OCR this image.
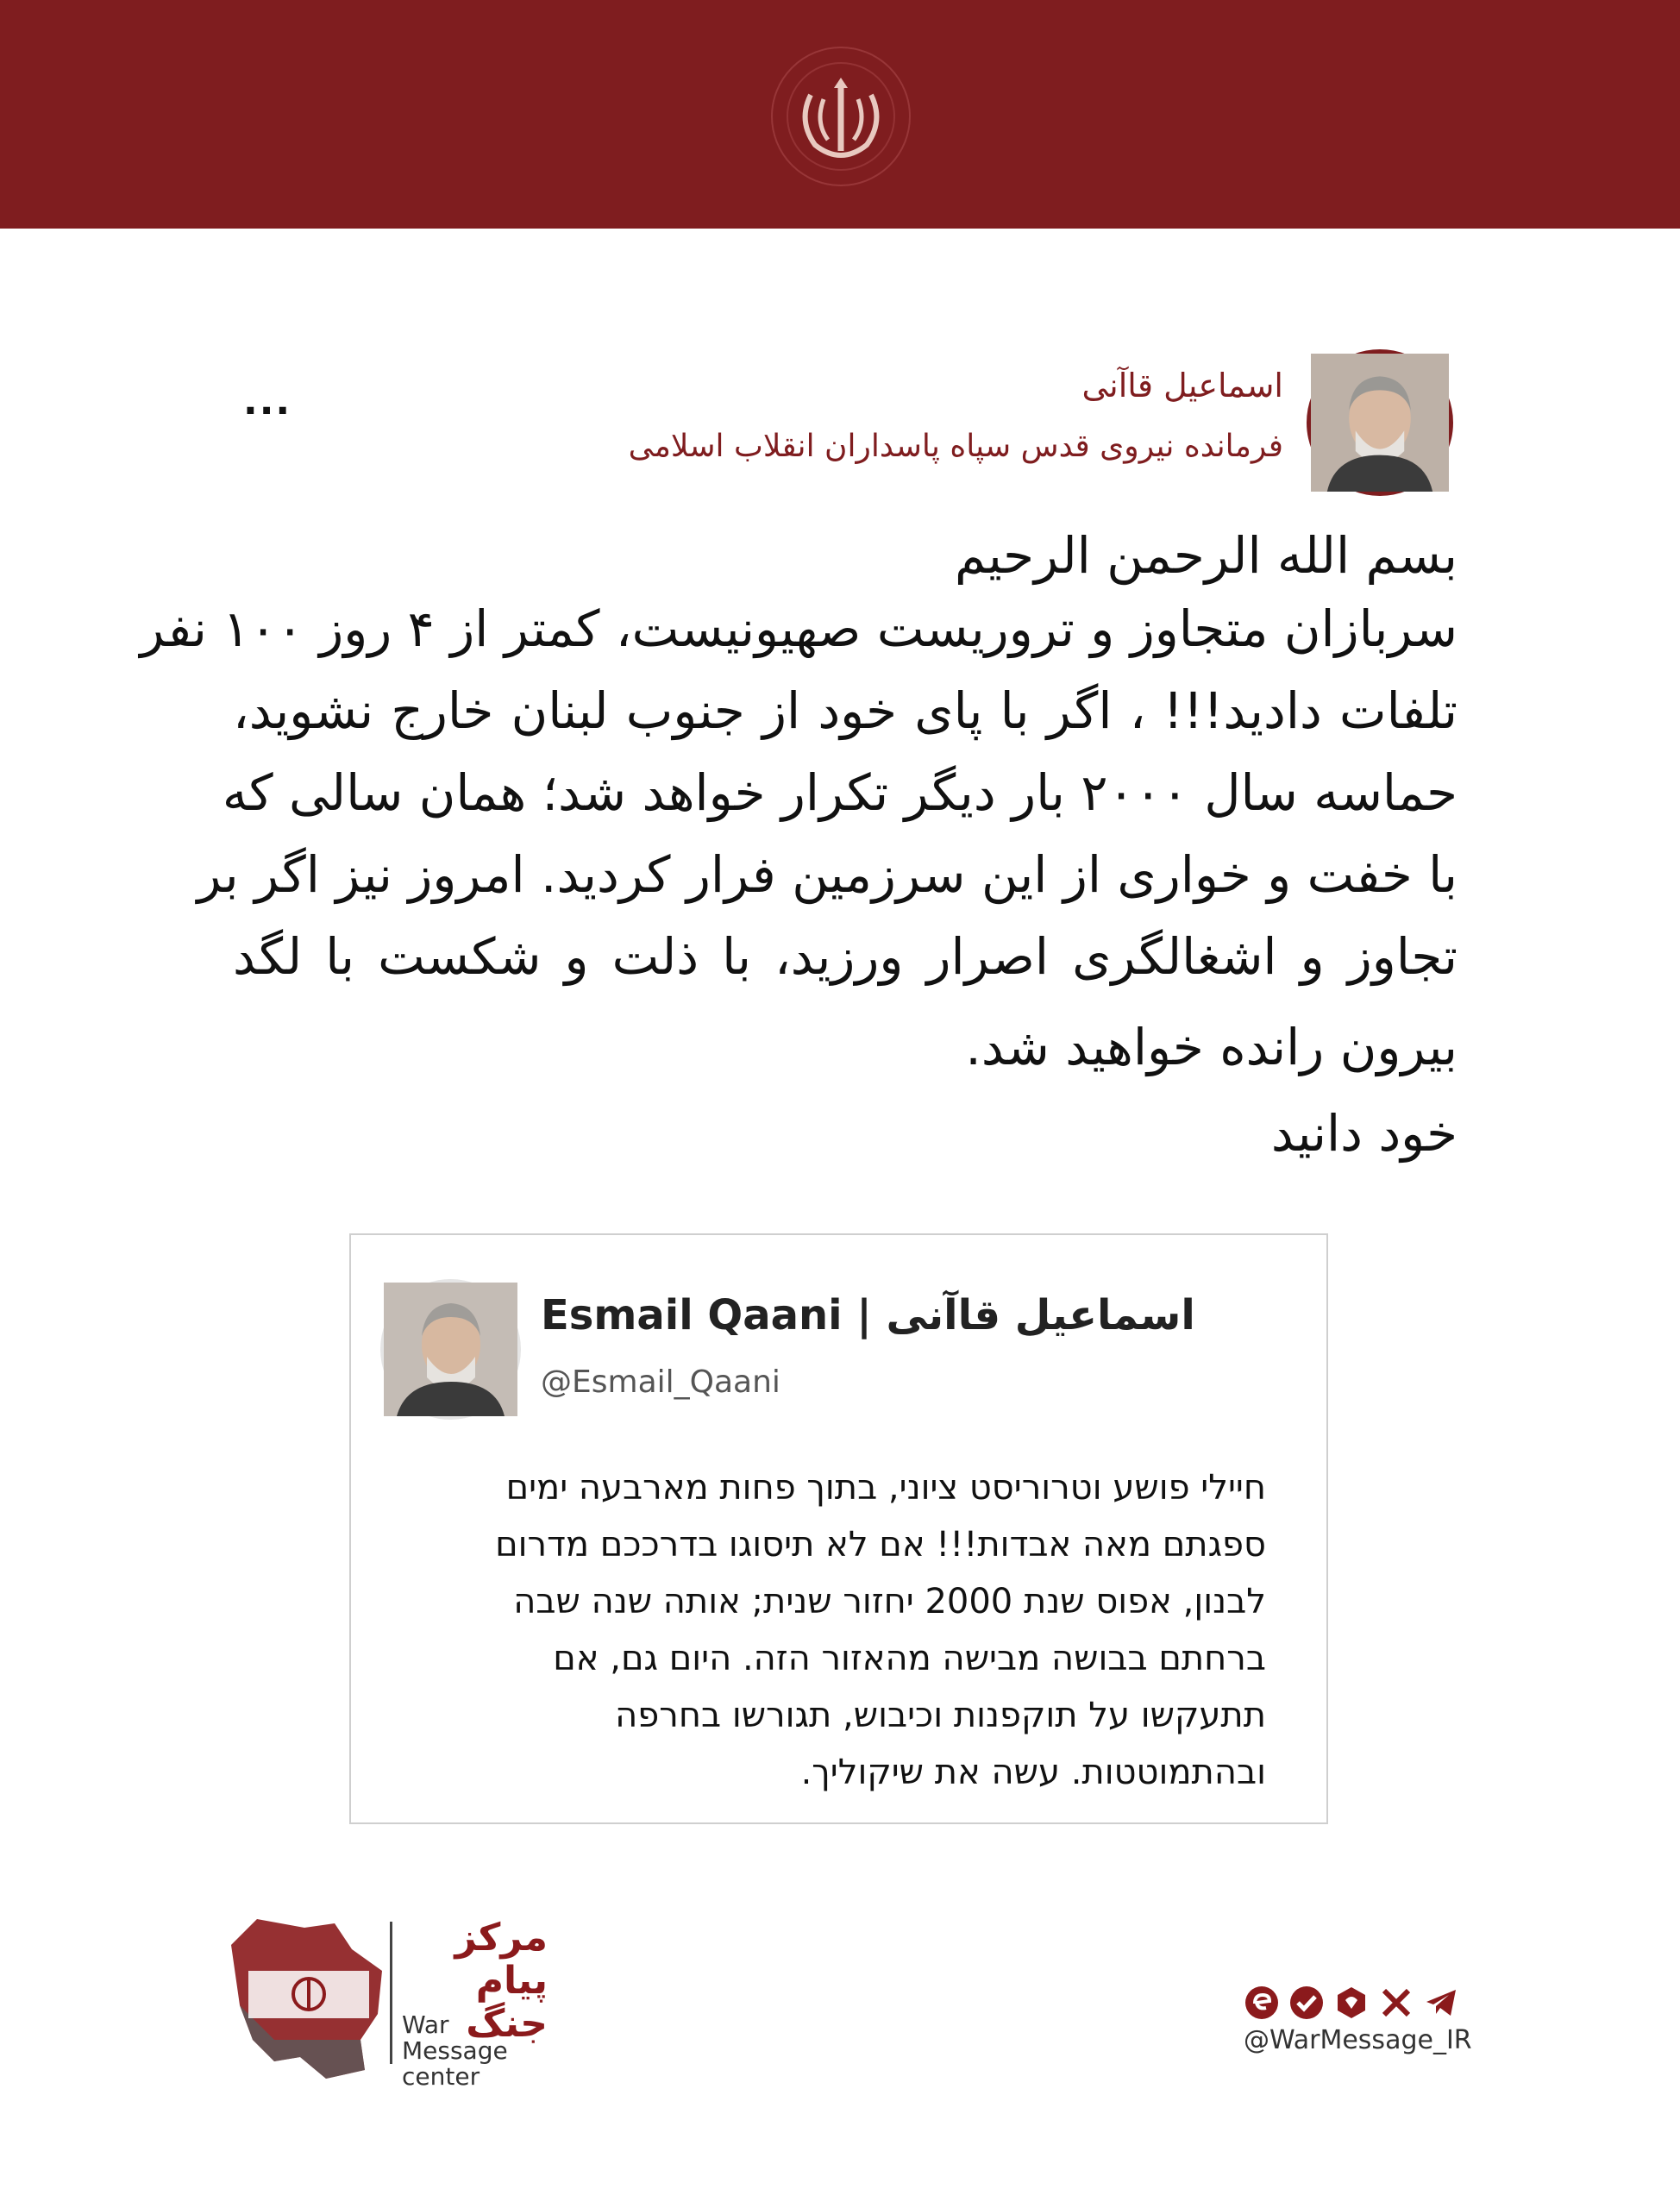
اسماعیل قاآنی
فرمانده نیروی قدس سپاه پاسداران انقلاب اسلامی
...
بسم الله الرحمن الرحيم
سربازان متجاوز و تروریست صهیونیست، کمتر از ۴ روز ۱۰۰ نفر
تلفات دادید!!! ، اگر با پای خود از جنوب لبنان خارج نشوید،
حماسه سال ۲۰۰۰ بار دیگر تکرار خواهد شد؛ همان سالی که
با خفت و خواری از این سرزمین فرار کردید. امروز نیز اگر بر
تجاوز و اشغالگری اصرار ورزید، با ذلت و شکست با لگد
بیرون رانده خواهید شد.
خود دانید
Esmail Qaani | اسماعیل قاآنی
@Esmail_Qaani
חיילי פושע וטרוריסט ציוני, בתוך פחות מארבעה ימים
ספגתם מאה אבדות!!! אם לא תיסוגו בדרככם מדרום
לבנון, אפוס שנת 2000 יחזור שנית; אותה שנה שבה
ברחתם בבושה מבישה מהאזור הזה. היום גם, אם
תתעקשו על תוקפנות וכיבוש, תגורשו בחרפה
ובהתמוטטות. עשה את שיקוליך.
مرکز پیام جنگ
War Message center
@WarMessage_IR
